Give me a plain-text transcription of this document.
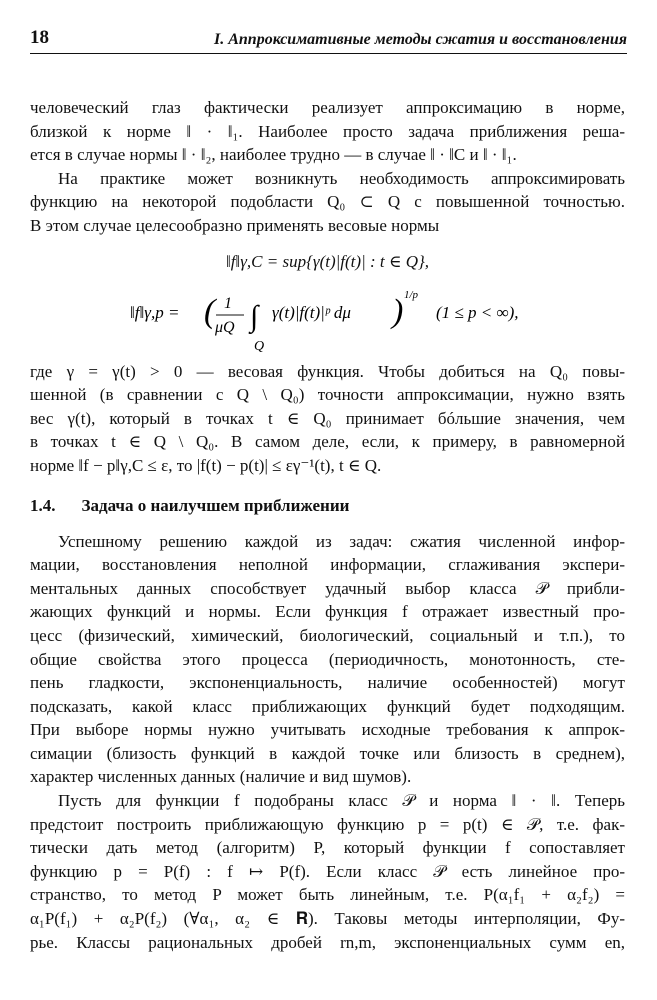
18	I. Аппроксимативные методы сжатия и восстановления
человеческий глаз фактически реализует аппроксимацию в норме,
близкой к норме ‖ · ‖₁. Наиболее просто задача приближения реша-
ется в случае нормы ‖ · ‖₂, наиболее трудно — в случае ‖ · ‖C и ‖ · ‖₁.
На практике может возникнуть необходимость аппроксимировать
функцию на некоторой подобласти Q₀ ⊂ Q с повышенной точностью.
В этом случае целесообразно применять весовые нормы
‖f‖γ,C = sup{γ(t)|f(t)| : t ∈ Q},
‖f‖γ,p = ( 1
μQ ∫
Q
γ(t)|f(t)|ᵖ dμ ) 1/p
(1 ≤ p < ∞),
где γ = γ(t) > 0 — весовая функция. Чтобы добиться на Q₀ повы-
шенной (в сравнении с Q \ Q₀) точности аппроксимации, нужно взять
вес γ(t), который в точках t ∈ Q₀ принимает бóльшие значения, чем
в точках t ∈ Q \ Q₀. В самом деле, если, к примеру, в равномерной
норме ‖f − p‖γ,C ≤ ε, то |f(t) − p(t)| ≤ εγ⁻¹(t), t ∈ Q.
1.4. Задача о наилучшем приближении
Успешному решению каждой из задач: сжатия численной инфор-
мации, восстановления неполной информации, сглаживания экспери-
ментальных данных способствует удачный выбор класса 𝒫 прибли-
жающих функций и нормы. Если функция f отражает известный про-
цесс (физический, химический, биологический, социальный и т.п.), то
общие свойства этого процесса (периодичность, монотонность, сте-
пень гладкости, экспоненциальность, наличие особенностей) могут
подсказать, какой класс приближающих функций будет подходящим.
При выборе нормы нужно учитывать исходные требования к аппрок-
симации (близость функций в каждой точке или близость в среднем),
характер численных данных (наличие и вид шумов).
Пусть для функции f подобраны класс 𝒫 и норма ‖ · ‖. Теперь
предстоит построить приближающую функцию p = p(t) ∈ 𝒫, т.е. фак-
тически дать метод (алгоритм) P, который функции f сопоставляет
функцию p = P(f) : f ↦ P(f). Если класс 𝒫 есть линейное про-
странство, то метод P может быть линейным, т.е. P(α₁f₁ + α₂f₂) =
α₁P(f₁) + α₂P(f₂) (∀α₁, α₂ ∈ 𝐑). Таковы методы интерполяции, Фу-
рье. Классы рациональных дробей rn,m, экспоненциальных сумм en,
